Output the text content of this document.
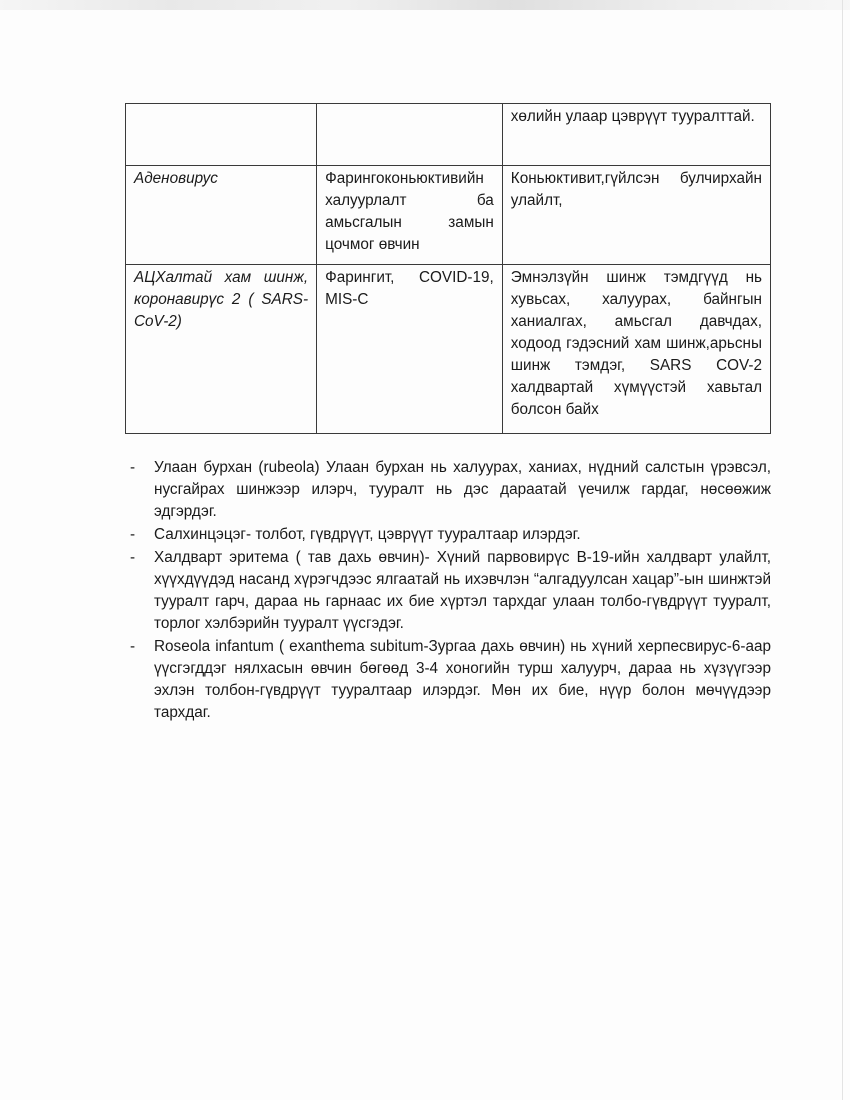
		хөлийн улаар цэврүүт тууралттай.
Аденовирус	Фарингоконьюктивийн халуурлалт ба амьсгалын замын цочмог өвчин	Коньюктивит,гүйлсэн булчирхайн улайлт,
АЦХалтай хам шинж, коронавирүс 2 ( SARS-CoV-2)	Фарингит, COVID-19, MIS-C	Эмнэлзүйн шинж тэмдгүүд нь хувьсах, халуурах, байнгын ханиалгах, амьсгал давчдах, ходоод гэдэсний хам шинж,арьсны шинж тэмдэг, SARS COV-2 халдвартай хүмүүстэй хавьтал болсон байх
- Улаан бурхан (rubeola) Улаан бурхан нь халуурах, ханиах, нүдний салстын үрэвсэл, нусгайрах шинжээр илэрч, тууралт нь дэс дараатай үечилж гардаг, нөсөөжиж эдгэрдэг.
- Салхинцэцэг- толбот, гүвдрүүт, цэврүүт тууралтаар илэрдэг.
- Халдварт эритема ( тав дахь өвчин)- Хүний парвовирүс В-19-ийн халдварт улайлт, хүүхдүүдэд насанд хүрэгчдээс ялгаатай нь ихэвчлэн “алгадуулсан хацар”-ын шинжтэй тууралт гарч, дараа нь гарнаас их бие хүртэл тархдаг улаан толбо-гүвдрүүт тууралт, торлог хэлбэрийн тууралт үүсгэдэг.
- Roseola infantum ( exanthema subitum-Зургаа дахь өвчин) нь хүний херпесвирус-6-аар үүсгэгддэг нялхасын өвчин бөгөөд 3-4 хоногийн турш халуурч, дараа нь хүзүүгээр эхлэн толбон-гүвдрүүт тууралтаар илэрдэг. Мөн их бие, нүүр болон мөчүүдээр тархдаг.
